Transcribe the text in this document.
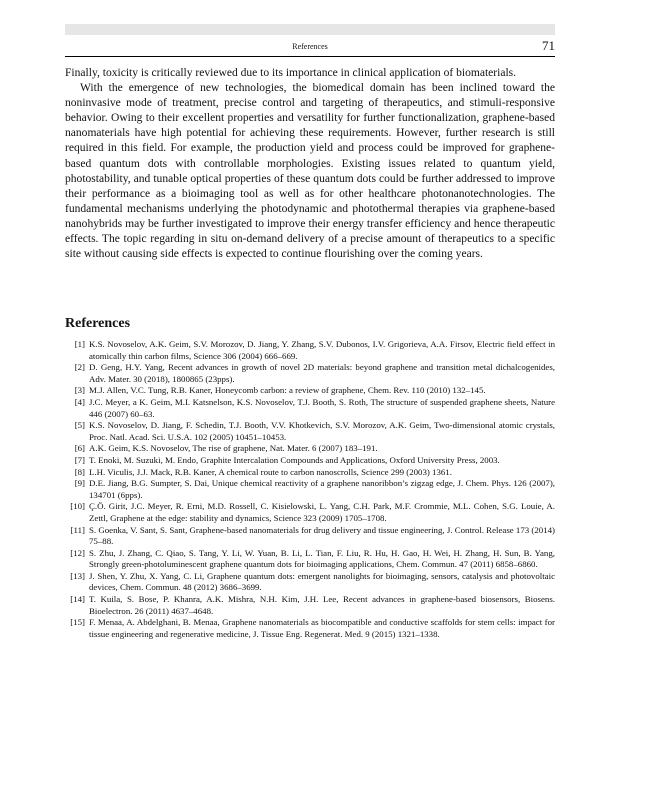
References	71

Finally, toxicity is critically reviewed due to its importance in clinical application of biomaterials.

With the emergence of new technologies, the biomedical domain has been inclined toward the noninvasive mode of treatment, precise control and targeting of therapeutics, and stimuli-responsive behavior. Owing to their excellent properties and versatility for further functionalization, graphene-based nanomaterials have high potential for achieving these requirements. However, further research is still required in this field. For example, the production yield and process could be improved for graphene-based quantum dots with controllable morphologies. Existing issues related to quantum yield, photostability, and tunable optical properties of these quantum dots could be further addressed to improve their performance as a bioimaging tool as well as for other healthcare photonanotechnologies. The fundamental mechanisms underlying the photodynamic and photothermal therapies via graphene-based nanohybrids may be further investigated to improve their energy transfer efficiency and hence therapeutic effects. The topic regarding in situ on-demand delivery of a precise amount of therapeutics to a specific site without causing side effects is expected to continue flourishing over the coming years.

References
[1] K.S. Novoselov, A.K. Geim, S.V. Morozov, D. Jiang, Y. Zhang, S.V. Dubonos, I.V. Grigorieva, A.A. Firsov, Electric field effect in atomically thin carbon films, Science 306 (2004) 666–669.
[2] D. Geng, H.Y. Yang, Recent advances in growth of novel 2D materials: beyond graphene and transition metal dichalcogenides, Adv. Mater. 30 (2018), 1800865 (23pps).
[3] M.J. Allen, V.C. Tung, R.B. Kaner, Honeycomb carbon: a review of graphene, Chem. Rev. 110 (2010) 132–145.
[4] J.C. Meyer, a K. Geim, M.I. Katsnelson, K.S. Novoselov, T.J. Booth, S. Roth, The structure of suspended graphene sheets, Nature 446 (2007) 60–63.
[5] K.S. Novoselov, D. Jiang, F. Schedin, T.J. Booth, V.V. Khotkevich, S.V. Morozov, A.K. Geim, Two-dimensional atomic crystals, Proc. Natl. Acad. Sci. U.S.A. 102 (2005) 10451–10453.
[6] A.K. Geim, K.S. Novoselov, The rise of graphene, Nat. Mater. 6 (2007) 183–191.
[7] T. Enoki, M. Suzuki, M. Endo, Graphite Intercalation Compounds and Applications, Oxford University Press, 2003.
[8] L.H. Viculis, J.J. Mack, R.B. Kaner, A chemical route to carbon nanoscrolls, Science 299 (2003) 1361.
[9] D.E. Jiang, B.G. Sumpter, S. Dai, Unique chemical reactivity of a graphene nanoribbon’s zigzag edge, J. Chem. Phys. 126 (2007), 134701 (6pps).
[10] Ç.Ö. Girit, J.C. Meyer, R. Erni, M.D. Rossell, C. Kisielowski, L. Yang, C.H. Park, M.F. Crommie, M.L. Cohen, S.G. Louie, A. Zettl, Graphene at the edge: stability and dynamics, Science 323 (2009) 1705–1708.
[11] S. Goenka, V. Sant, S. Sant, Graphene-based nanomaterials for drug delivery and tissue engineering, J. Control. Release 173 (2014) 75–88.
[12] S. Zhu, J. Zhang, C. Qiao, S. Tang, Y. Li, W. Yuan, B. Li, L. Tian, F. Liu, R. Hu, H. Gao, H. Wei, H. Zhang, H. Sun, B. Yang, Strongly green-photoluminescent graphene quantum dots for bioimaging applications, Chem. Commun. 47 (2011) 6858–6860.
[13] J. Shen, Y. Zhu, X. Yang, C. Li, Graphene quantum dots: emergent nanolights for bioimaging, sensors, catalysis and photovoltaic devices, Chem. Commun. 48 (2012) 3686–3699.
[14] T. Kuila, S. Bose, P. Khanra, A.K. Mishra, N.H. Kim, J.H. Lee, Recent advances in graphene-based biosensors, Biosens. Bioelectron. 26 (2011) 4637–4648.
[15] F. Menaa, A. Abdelghani, B. Menaa, Graphene nanomaterials as biocompatible and conductive scaffolds for stem cells: impact for tissue engineering and regenerative medicine, J. Tissue Eng. Regenerat. Med. 9 (2015) 1321–1338.
